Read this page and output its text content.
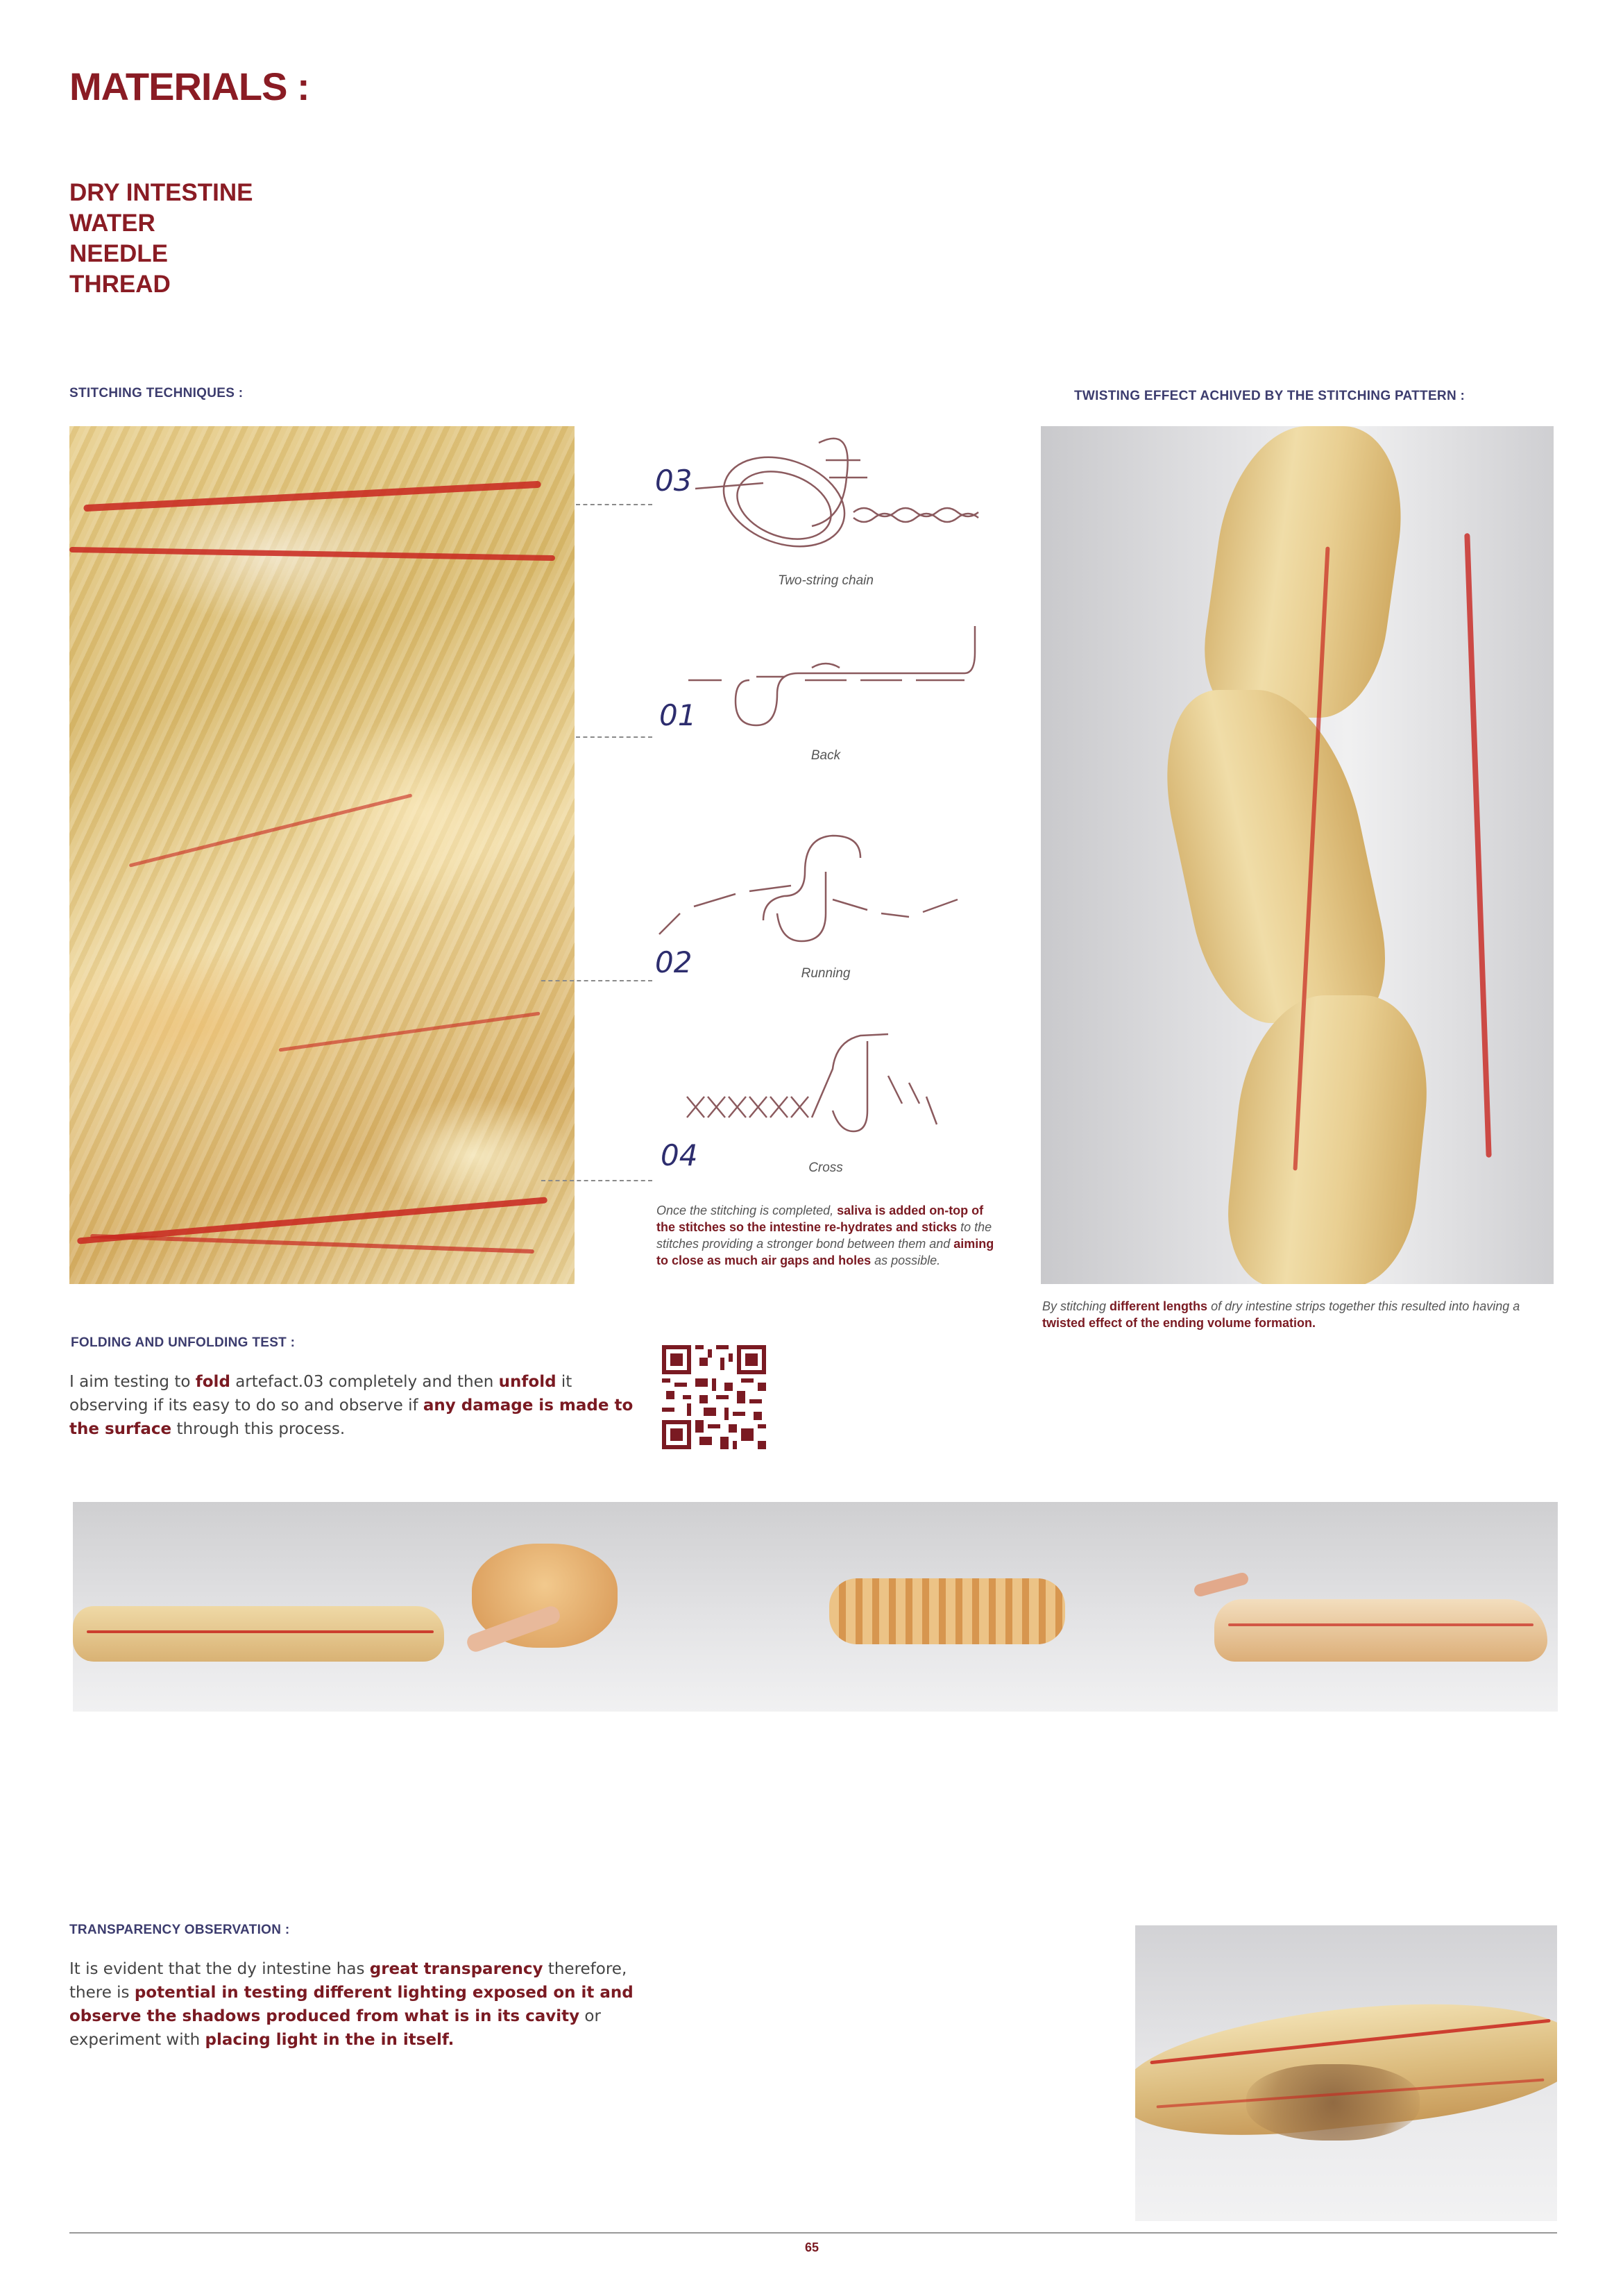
MATERIALS :
DRY INTESTINE
WATER
NEEDLE
THREAD
STITCHING TECHNIQUES :	TWISTING EFFECT ACHIVED BY THE STITCHING PATTERN :
03
Two-string chain
01
Back
02	Running
04	Cross
Once the stitching is completed, saliva is added on-top of the stitches so the intestine re-hydrates and sticks to the stitches providing a stronger bond between them and aiming to close as much air gaps and holes as possible.
By stitching different lengths of dry intestine strips together this resulted into having a twisted effect of the ending volume formation.
FOLDING AND UNFOLDING TEST :
I aim testing to fold artefact.03 completely and then unfold it observing if its easy to do so and observe if any damage is made to the surface through this process.
TRANSPARENCY OBSERVATION :
It is evident that the dy intestine has great transparency therefore, there is potential in testing different lighting exposed on it and observe the shadows produced from what is in its cavity or experiment with placing light in the in itself.
65
